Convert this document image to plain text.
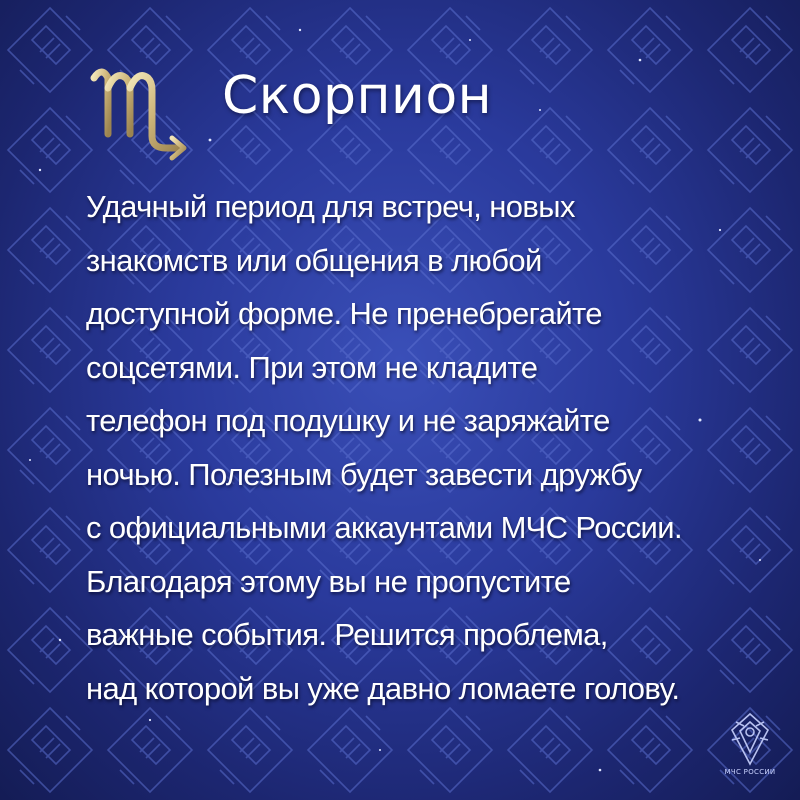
Скорпион
Удачный период для встреч, новых
знакомств или общения в любой
доступной форме. Не пренебрегайте
соцсетями. При этом не кладите
телефон под подушку и не заряжайте
ночью. Полезным будет завести дружбу
с официальными аккаунтами МЧС России.
Благодаря этому вы не пропустите
важные события. Решится проблема,
над которой вы уже давно ломаете голову.
МЧС РОССИИ
